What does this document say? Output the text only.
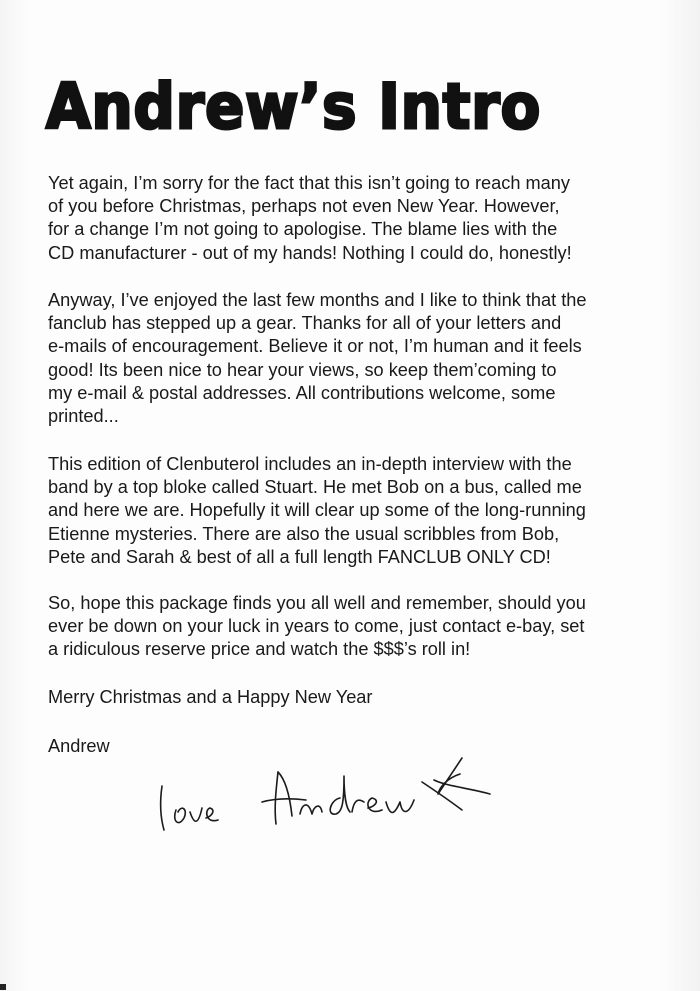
Andrew’s Intro

Yet again, I’m sorry for the fact that this isn’t going to reach many
of you before Christmas, perhaps not even New Year. However,
for a change I’m not going to apologise. The blame lies with the
CD manufacturer - out of my hands! Nothing I could do, honestly!

Anyway, I’ve enjoyed the last few months and I like to think that the
fanclub has stepped up a gear. Thanks for all of your letters and
e-mails of encouragement. Believe it or not, I’m human and it feels
good! Its been nice to hear your views, so keep them’coming to
my e-mail & postal addresses. All contributions welcome, some
printed...

This edition of Clenbuterol includes an in-depth interview with the
band by a top bloke called Stuart. He met Bob on a bus, called me
and here we are. Hopefully it will clear up some of the long-running
Etienne mysteries. There are also the usual scribbles from Bob,
Pete and Sarah & best of all a full length FANCLUB ONLY CD!

So, hope this package finds you all well and remember, should you
ever be down on your luck in years to come, just contact e-bay, set
a ridiculous reserve price and watch the $$$’s roll in!

Merry Christmas and a Happy New Year

Andrew
